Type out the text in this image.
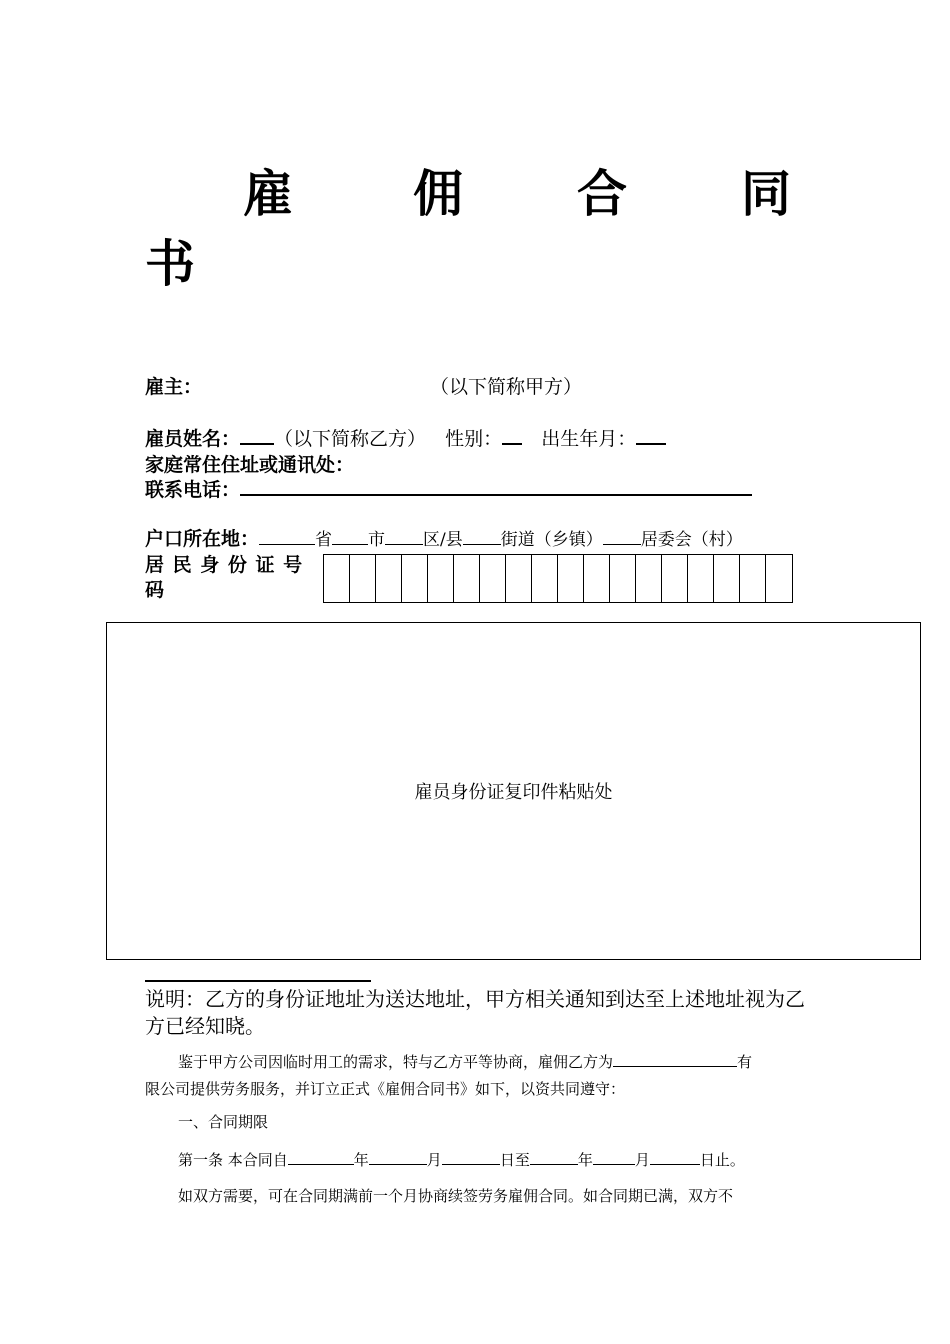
雇 佣 合 同
书
雇主：	（以下简称甲方）
雇员姓名： （以下简称乙方） 性别： 出生年月：
家庭常住住址或通讯处：
联系电话：
户口所在地：	省 市 区/县 街道（乡镇） 居委会（村）
居 民 身 份 证 号
码
雇员身份证复印件粘贴处
说明：乙方的身份证地址为送达地址，甲方相关通知到达至上述地址视为乙方已经知晓。
鉴于甲方公司因临时用工的需求，特与乙方平等协商，雇佣乙方为	有
限公司提供劳务服务，并订立正式《雇佣合同书》如下，以资共同遵守：
一、合同期限
第一条 本合同自	年	月	日至	年	月	日止。
如双方需要，可在合同期满前一个月协商续签劳务雇佣合同。如合同期已满，双方不
